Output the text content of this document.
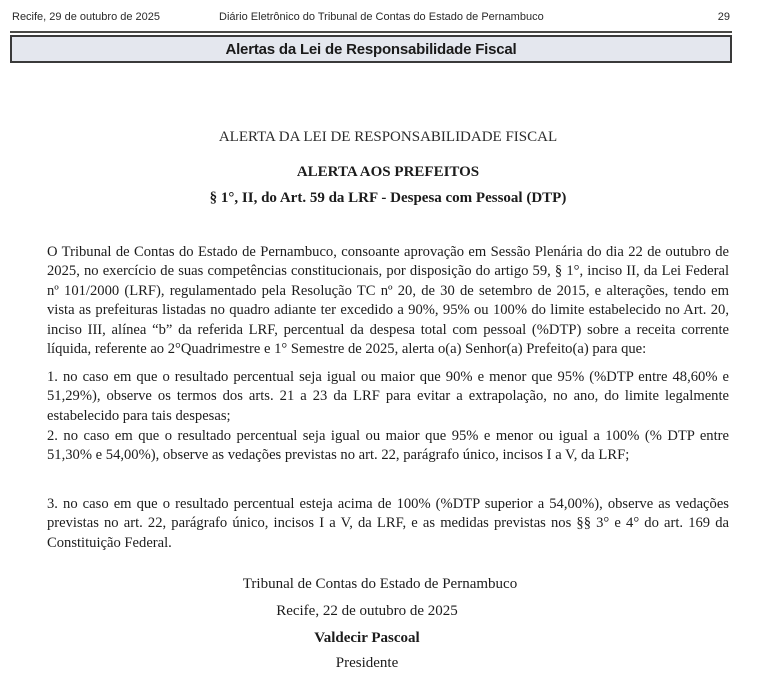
Recife, 29 de outubro de 2025	Diário Eletrônico do Tribunal de Contas do Estado de Pernambuco	29
Alertas da Lei de Responsabilidade Fiscal
ALERTA DA LEI DE RESPONSABILIDADE FISCAL
ALERTA AOS PREFEITOS
§ 1°, II, do Art. 59 da LRF - Despesa com Pessoal (DTP)

O Tribunal de Contas do Estado de Pernambuco, consoante aprovação em Sessão Plenária do dia 22 de outubro de 2025, no exercício de suas competências constitucionais, por disposição do artigo 59, § 1°, inciso II, da Lei Federal nº 101/2000 (LRF), regulamentado pela Resolução TC nº 20, de 30 de setembro de 2015, e alterações, tendo em vista as prefeituras listadas no quadro adiante ter excedido a 90%, 95% ou 100% do limite estabelecido no Art. 20, inciso III, alínea “b” da referida LRF, percentual da despesa total com pessoal (%DTP) sobre a receita corrente líquida, referente ao 2°Quadrimestre e 1° Semestre de 2025, alerta o(a) Senhor(a) Prefeito(a) para que:

1. no caso em que o resultado percentual seja igual ou maior que 90% e menor que 95% (%DTP entre 48,60% e 51,29%), observe os termos dos arts. 21 a 23 da LRF para evitar a extrapolação, no ano, do limite legalmente estabelecido para tais despesas;

2. no caso em que o resultado percentual seja igual ou maior que 95% e menor ou igual a 100% (% DTP entre 51,30% e 54,00%), observe as vedações previstas no art. 22, parágrafo único, incisos I a V, da LRF;

3. no caso em que o resultado percentual esteja acima de 100% (%DTP superior a 54,00%), observe as vedações previstas no art. 22, parágrafo único, incisos I a V, da LRF, e as medidas previstas nos §§ 3° e 4° do art. 169 da Constituição Federal.

Tribunal de Contas do Estado de Pernambuco
Recife, 22 de outubro de 2025
Valdecir Pascoal
Presidente
